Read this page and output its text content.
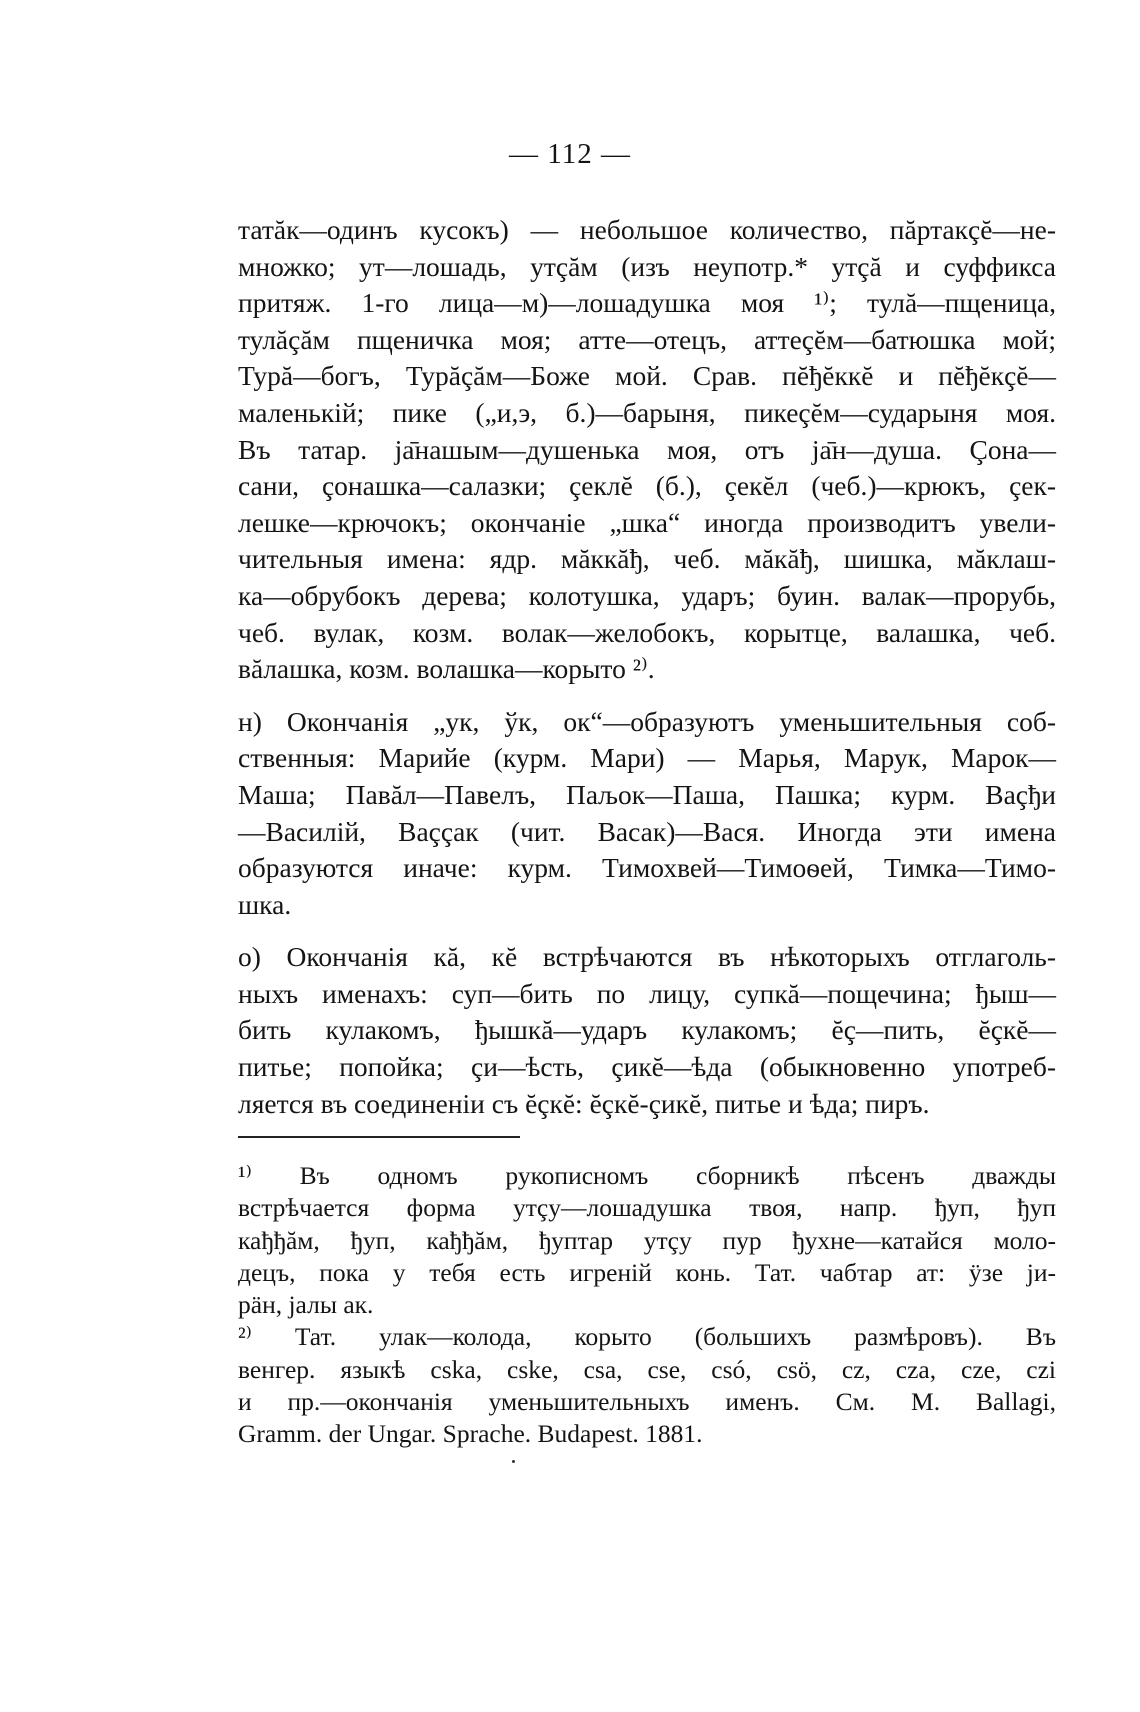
— 112 —
татăк—одинъ кусокъ) — небольшое количество, пăртакçĕ—не-
множко; ут—лошадь, утçăм (изъ неупотр.* утçă и суффикса
притяж. 1-го лица—м)—лошадушка моя ¹⁾; тулă—пщеница,
тулăçăм пщеничка моя; атте—отецъ, аттеçĕм—батюшка мой;
Турă—богъ, Турăçăм—Боже мой. Срав. пĕђĕккĕ и пĕђĕкçĕ—
маленькій; пике („и,э, б.)—барыня, пикеçĕм—сударыня моя.
Въ татар. ја̄нашым—душенька моя, отъ ја̄н—душа. Çона—
сани, çонашка—салазки; çеклĕ (б.), çекĕл (чеб.)—крюкъ, çек-
лешке—крючокъ; окончаніе „шка“ иногда производитъ увели-
чительныя имена: ядр. мăккăђ, чеб. мăкăђ, шишка, мăклаш-
ка—обрубокъ дерева; колотушка, ударъ; буин. валак—прорубь,
чеб. вулак, козм. волак—желобокъ, корытце, валашка, чеб.
вăлашка, козм. волашка—корыто ²⁾.
н) Окончанія „ук, ўк, ок“—образуютъ уменьшительныя соб-
ственныя: Марийе (курм. Мари) — Марья, Марук, Марок—
Маша; Павăл—Павелъ, Паљок—Паша, Пашка; курм. Ваçђи
—Василій, Ваççак (чит. Васак)—Вася. Иногда эти имена
образуются иначе: курм. Тимохвей—Тимоѳей, Тимка—Тимо-
шка.
о) Окончанія кă, кĕ встрѣчаются въ нѣкоторыхъ отглаголь-
ныхъ именахъ: суп—бить по лицу, супкă—пощечина; ђыш—
бить кулакомъ, ђышкă—ударъ кулакомъ; ĕç—пить, ĕçкĕ—
питье; попойка; çи—ѣсть, çикĕ—ѣда (обыкновенно употреб-
ляется въ соединеніи съ ĕçкĕ: ĕçкĕ-çикĕ, питье и ѣда; пиръ.
¹⁾ Въ одномъ рукописномъ сборникѣ пѣсенъ дважды
встрѣчается форма утçу—лошадушка твоя, напр. ђуп, ђуп
кађђăм, ђуп, кађђăм, ђуптар утçу пур ђухне—катайся моло-
децъ, пока у тебя есть игреній конь. Тат. чабтар ат: ӱзе ји-
рӓн, јалы ак.
²⁾ Тат. улак—колода, корыто (большихъ размѣровъ). Въ
венгер. языкѣ cska, cske, csa, cse, csó, csö, cz, cza, cze, czi
и пр.—окончанія уменьшительныхъ именъ. См. M. Ballagi,
Gramm. der Ungar. Sprache. Budapest. 1881.
